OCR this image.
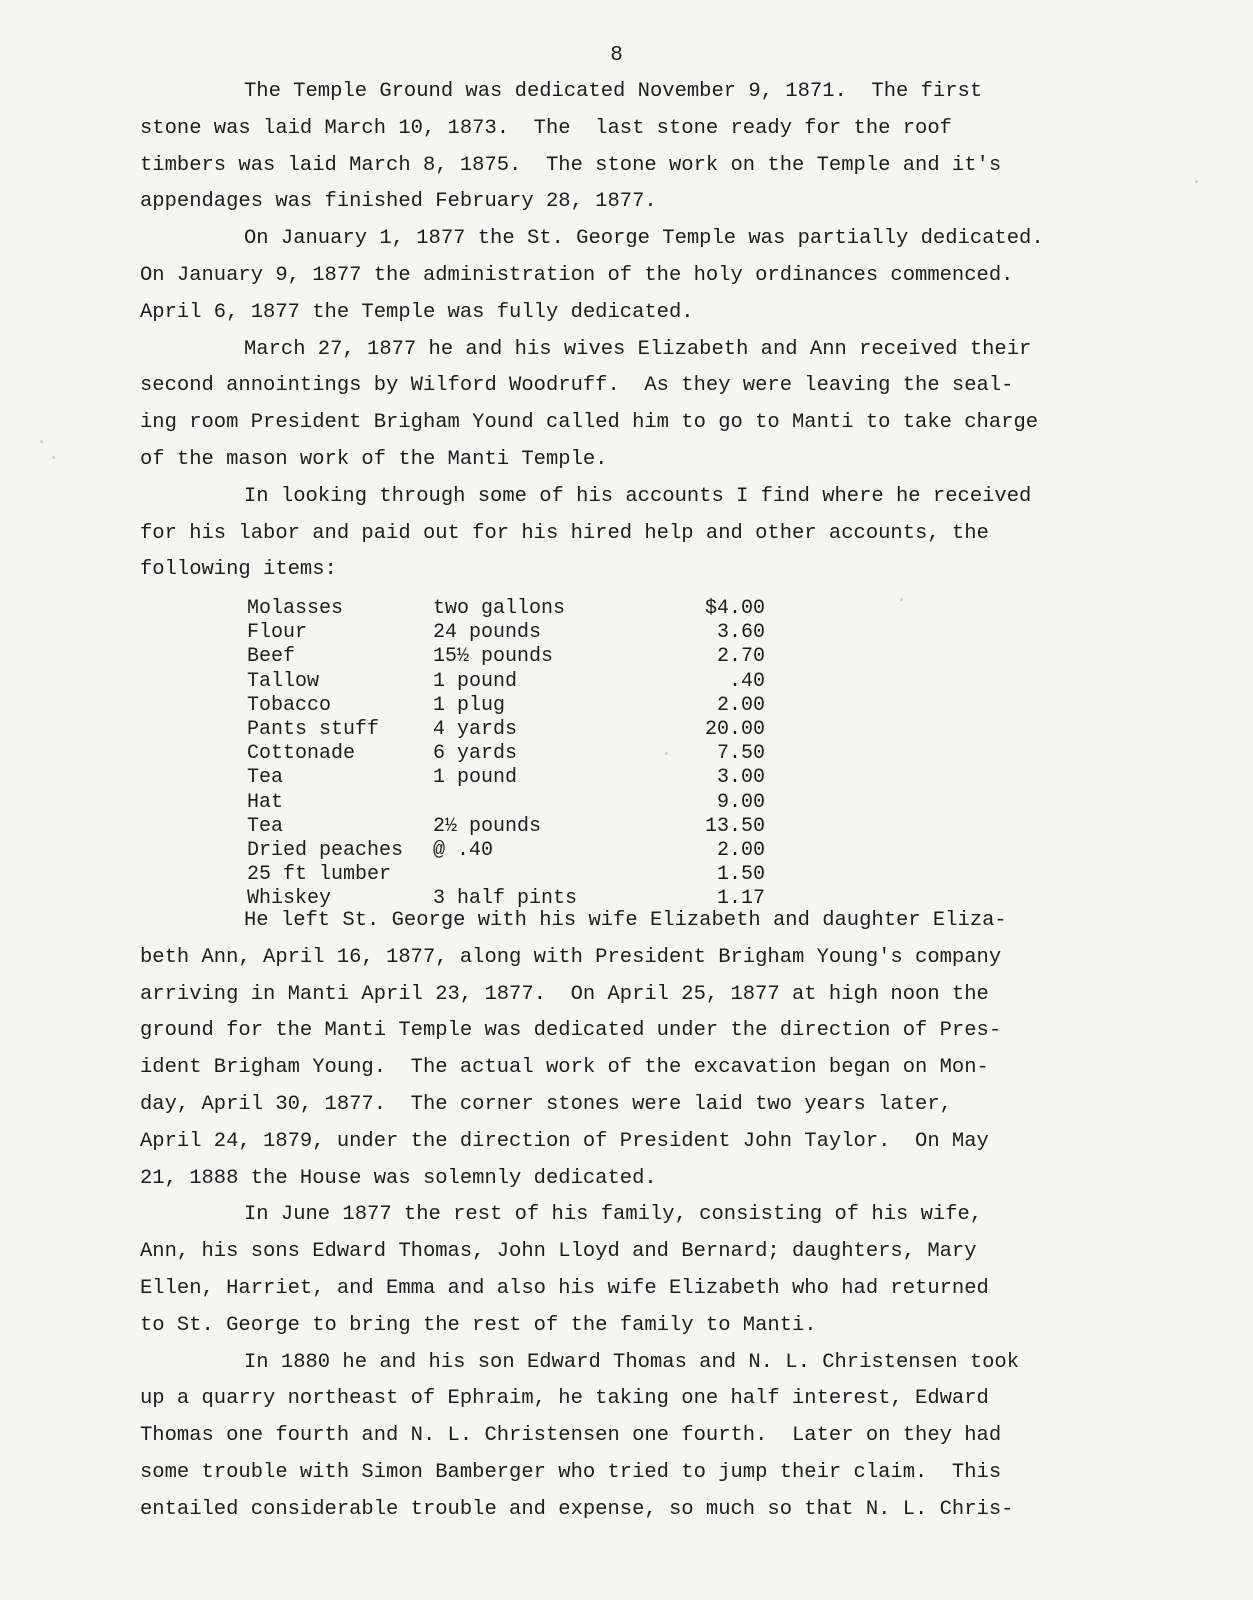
8

The Temple Ground was dedicated November 9, 1871.  The first
stone was laid March 10, 1873.  The  last stone ready for the roof
timbers was laid March 8, 1875.  The stone work on the Temple and it's
appendages was finished February 28, 1877.

On January 1, 1877 the St. George Temple was partially dedicated.
On January 9, 1877 the administration of the holy ordinances commenced.
April 6, 1877 the Temple was fully dedicated.

March 27, 1877 he and his wives Elizabeth and Ann received their
second annointings by Wilford Woodruff.  As they were leaving the seal-
ing room President Brigham Yound called him to go to Manti to take charge
of the mason work of the Manti Temple.

In looking through some of his accounts I find where he received
for his labor and paid out for his hired help and other accounts, the
following items:

Molasses	two gallons	$4.00
Flour	24 pounds	3.60
Beef	15½ pounds	2.70
Tallow	1 pound	.40
Tobacco	1 plug	2.00
Pants stuff	4 yards	20.00
Cottonade	6 yards	7.50
Tea	1 pound	3.00
Hat		9.00
Tea	2½ pounds	13.50
Dried peaches	@ .40	2.00
25 ft lumber		1.50
Whiskey	3 half pints	1.17

He left St. George with his wife Elizabeth and daughter Eliza-
beth Ann, April 16, 1877, along with President Brigham Young's company
arriving in Manti April 23, 1877.  On April 25, 1877 at high noon the
ground for the Manti Temple was dedicated under the direction of Pres-
ident Brigham Young.  The actual work of the excavation began on Mon-
day, April 30, 1877.  The corner stones were laid two years later,
April 24, 1879, under the direction of President John Taylor.  On May
21, 1888 the House was solemnly dedicated.

In June 1877 the rest of his family, consisting of his wife,
Ann, his sons Edward Thomas, John Lloyd and Bernard; daughters, Mary
Ellen, Harriet, and Emma and also his wife Elizabeth who had returned
to St. George to bring the rest of the family to Manti.

In 1880 he and his son Edward Thomas and N. L. Christensen took
up a quarry northeast of Ephraim, he taking one half interest, Edward
Thomas one fourth and N. L. Christensen one fourth.  Later on they had
some trouble with Simon Bamberger who tried to jump their claim.  This
entailed considerable trouble and expense, so much so that N. L. Chris-
